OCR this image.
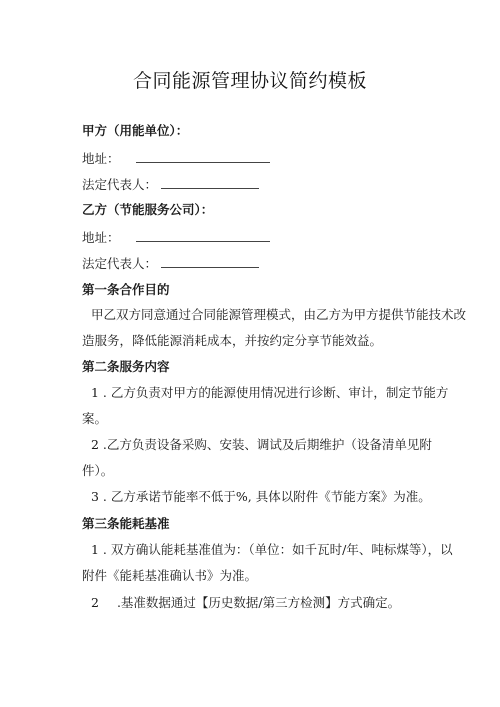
合同能源管理协议简约模板
甲方（用能单位）：
地址：
法定代表人：
乙方（节能服务公司）：
地址：
法定代表人：
第一条合作目的
甲乙双方同意通过合同能源管理模式，由乙方为甲方提供节能技术改
造服务，降低能源消耗成本，并按约定分享节能效益。
第二条服务内容
1 . 乙方负责对甲方的能源使用情况进行诊断、审计，制定节能方
案。
2 .乙方负责设备采购、安装、调试及后期维护（设备清单见附
件）。
3 . 乙方承诺节能率不低于%, 具体以附件《节能方案》为准。
第三条能耗基准
1 . 双方确认能耗基准值为：（单位：如千瓦时/年、吨标煤等），以
附件《能耗基准确认书》为准。
2 .基准数据通过【历史数据/第三方检测】方式确定。
